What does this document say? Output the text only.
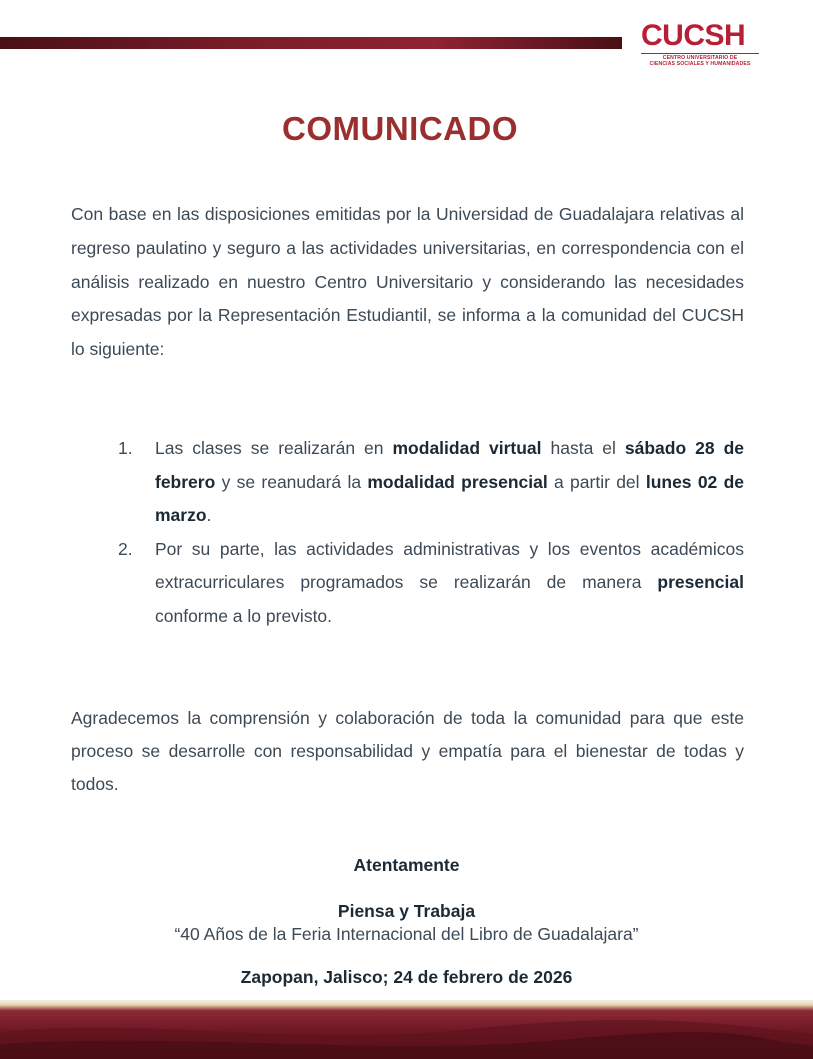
CUCSH
CENTRO UNIVERSITARIO DE
CIENCIAS SOCIALES Y HUMANIDADES
COMUNICADO
Con base en las disposiciones emitidas por la Universidad de Guadalajara relativas al regreso paulatino y seguro a las actividades universitarias, en correspondencia con el análisis realizado en nuestro Centro Universitario y considerando las necesidades expresadas por la Representación Estudiantil, se informa a la comunidad del CUCSH lo siguiente:
1. Las clases se realizarán en modalidad virtual hasta el sábado 28 de febrero y se reanudará la modalidad presencial a partir del lunes 02 de marzo.
2. Por su parte, las actividades administrativas y los eventos académicos extracurriculares programados se realizarán de manera presencial conforme a lo previsto.
Agradecemos la comprensión y colaboración de toda la comunidad para que este proceso se desarrolle con responsabilidad y empatía para el bienestar de todas y todos.
Atentamente
Piensa y Trabaja
“40 Años de la Feria Internacional del Libro de Guadalajara”
Zapopan, Jalisco; 24 de febrero de 2026
